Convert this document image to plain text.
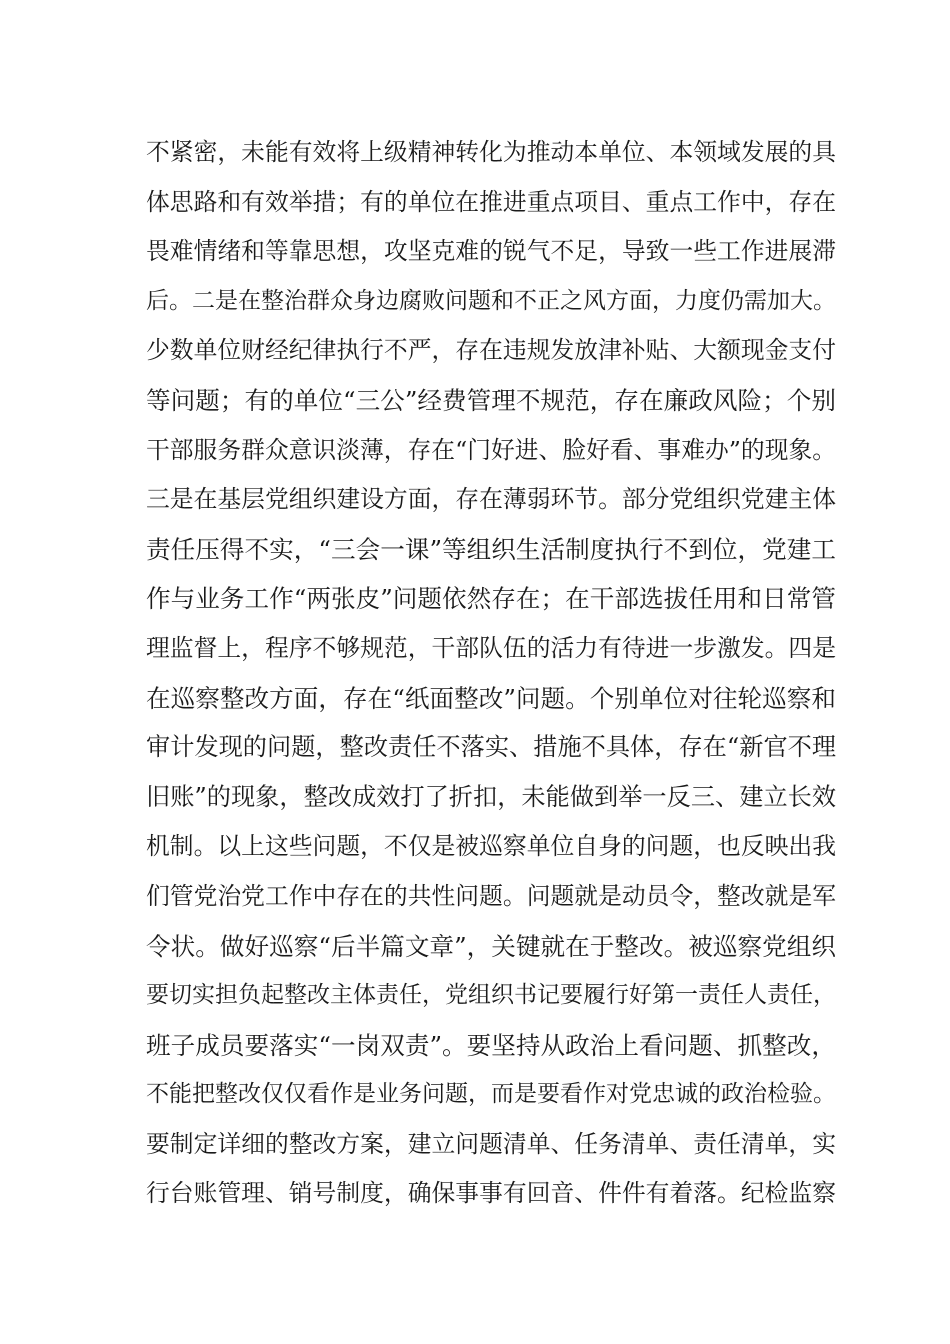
不紧密，未能有效将上级精神转化为推动本单位、本领域发展的具
体思路和有效举措；有的单位在推进重点项目、重点工作中，存在
畏难情绪和等靠思想，攻坚克难的锐气不足，导致一些工作进展滞
后。二是在整治群众身边腐败问题和不正之风方面，力度仍需加大。
少数单位财经纪律执行不严，存在违规发放津补贴、大额现金支付
等问题；有的单位“三公”经费管理不规范，存在廉政风险；个别
干部服务群众意识淡薄，存在“门好进、脸好看、事难办”的现象。
三是在基层党组织建设方面，存在薄弱环节。部分党组织党建主体
责任压得不实，“三会一课”等组织生活制度执行不到位，党建工
作与业务工作“两张皮”问题依然存在；在干部选拔任用和日常管
理监督上，程序不够规范，干部队伍的活力有待进一步激发。四是
在巡察整改方面，存在“纸面整改”问题。个别单位对往轮巡察和
审计发现的问题，整改责任不落实、措施不具体，存在“新官不理
旧账”的现象，整改成效打了折扣，未能做到举一反三、建立长效
机制。以上这些问题，不仅是被巡察单位自身的问题，也反映出我
们管党治党工作中存在的共性问题。问题就是动员令，整改就是军
令状。做好巡察“后半篇文章”，关键就在于整改。被巡察党组织
要切实担负起整改主体责任，党组织书记要履行好第一责任人责任，
班子成员要落实“一岗双责”。要坚持从政治上看问题、抓整改，
不能把整改仅仅看作是业务问题，而是要看作对党忠诚的政治检验。
要制定详细的整改方案，建立问题清单、任务清单、责任清单，实
行台账管理、销号制度，确保事事有回音、件件有着落。纪检监察
